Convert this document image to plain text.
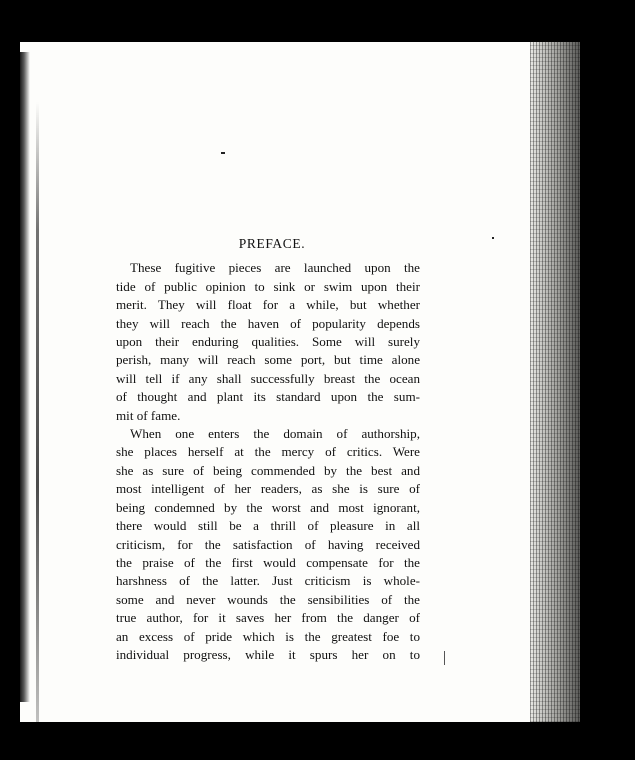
PREFACE.
These fugitive pieces are launched upon the
tide of public opinion to sink or swim upon their
merit. They will float for a while, but whether
they will reach the haven of popularity depends
upon their enduring qualities. Some will surely
perish, many will reach some port, but time alone
will tell if any shall successfully breast the ocean
of thought and plant its standard upon the sum-
mit of fame.
When one enters the domain of authorship,
she places herself at the mercy of critics. Were
she as sure of being commended by the best and
most intelligent of her readers, as she is sure of
being condemned by the worst and most ignorant,
there would still be a thrill of pleasure in all
criticism, for the satisfaction of having received
the praise of the first would compensate for the
harshness of the latter. Just criticism is whole-
some and never wounds the sensibilities of the
true author, for it saves her from the danger of
an excess of pride which is the greatest foe to
individual progress, while it spurs her on to
